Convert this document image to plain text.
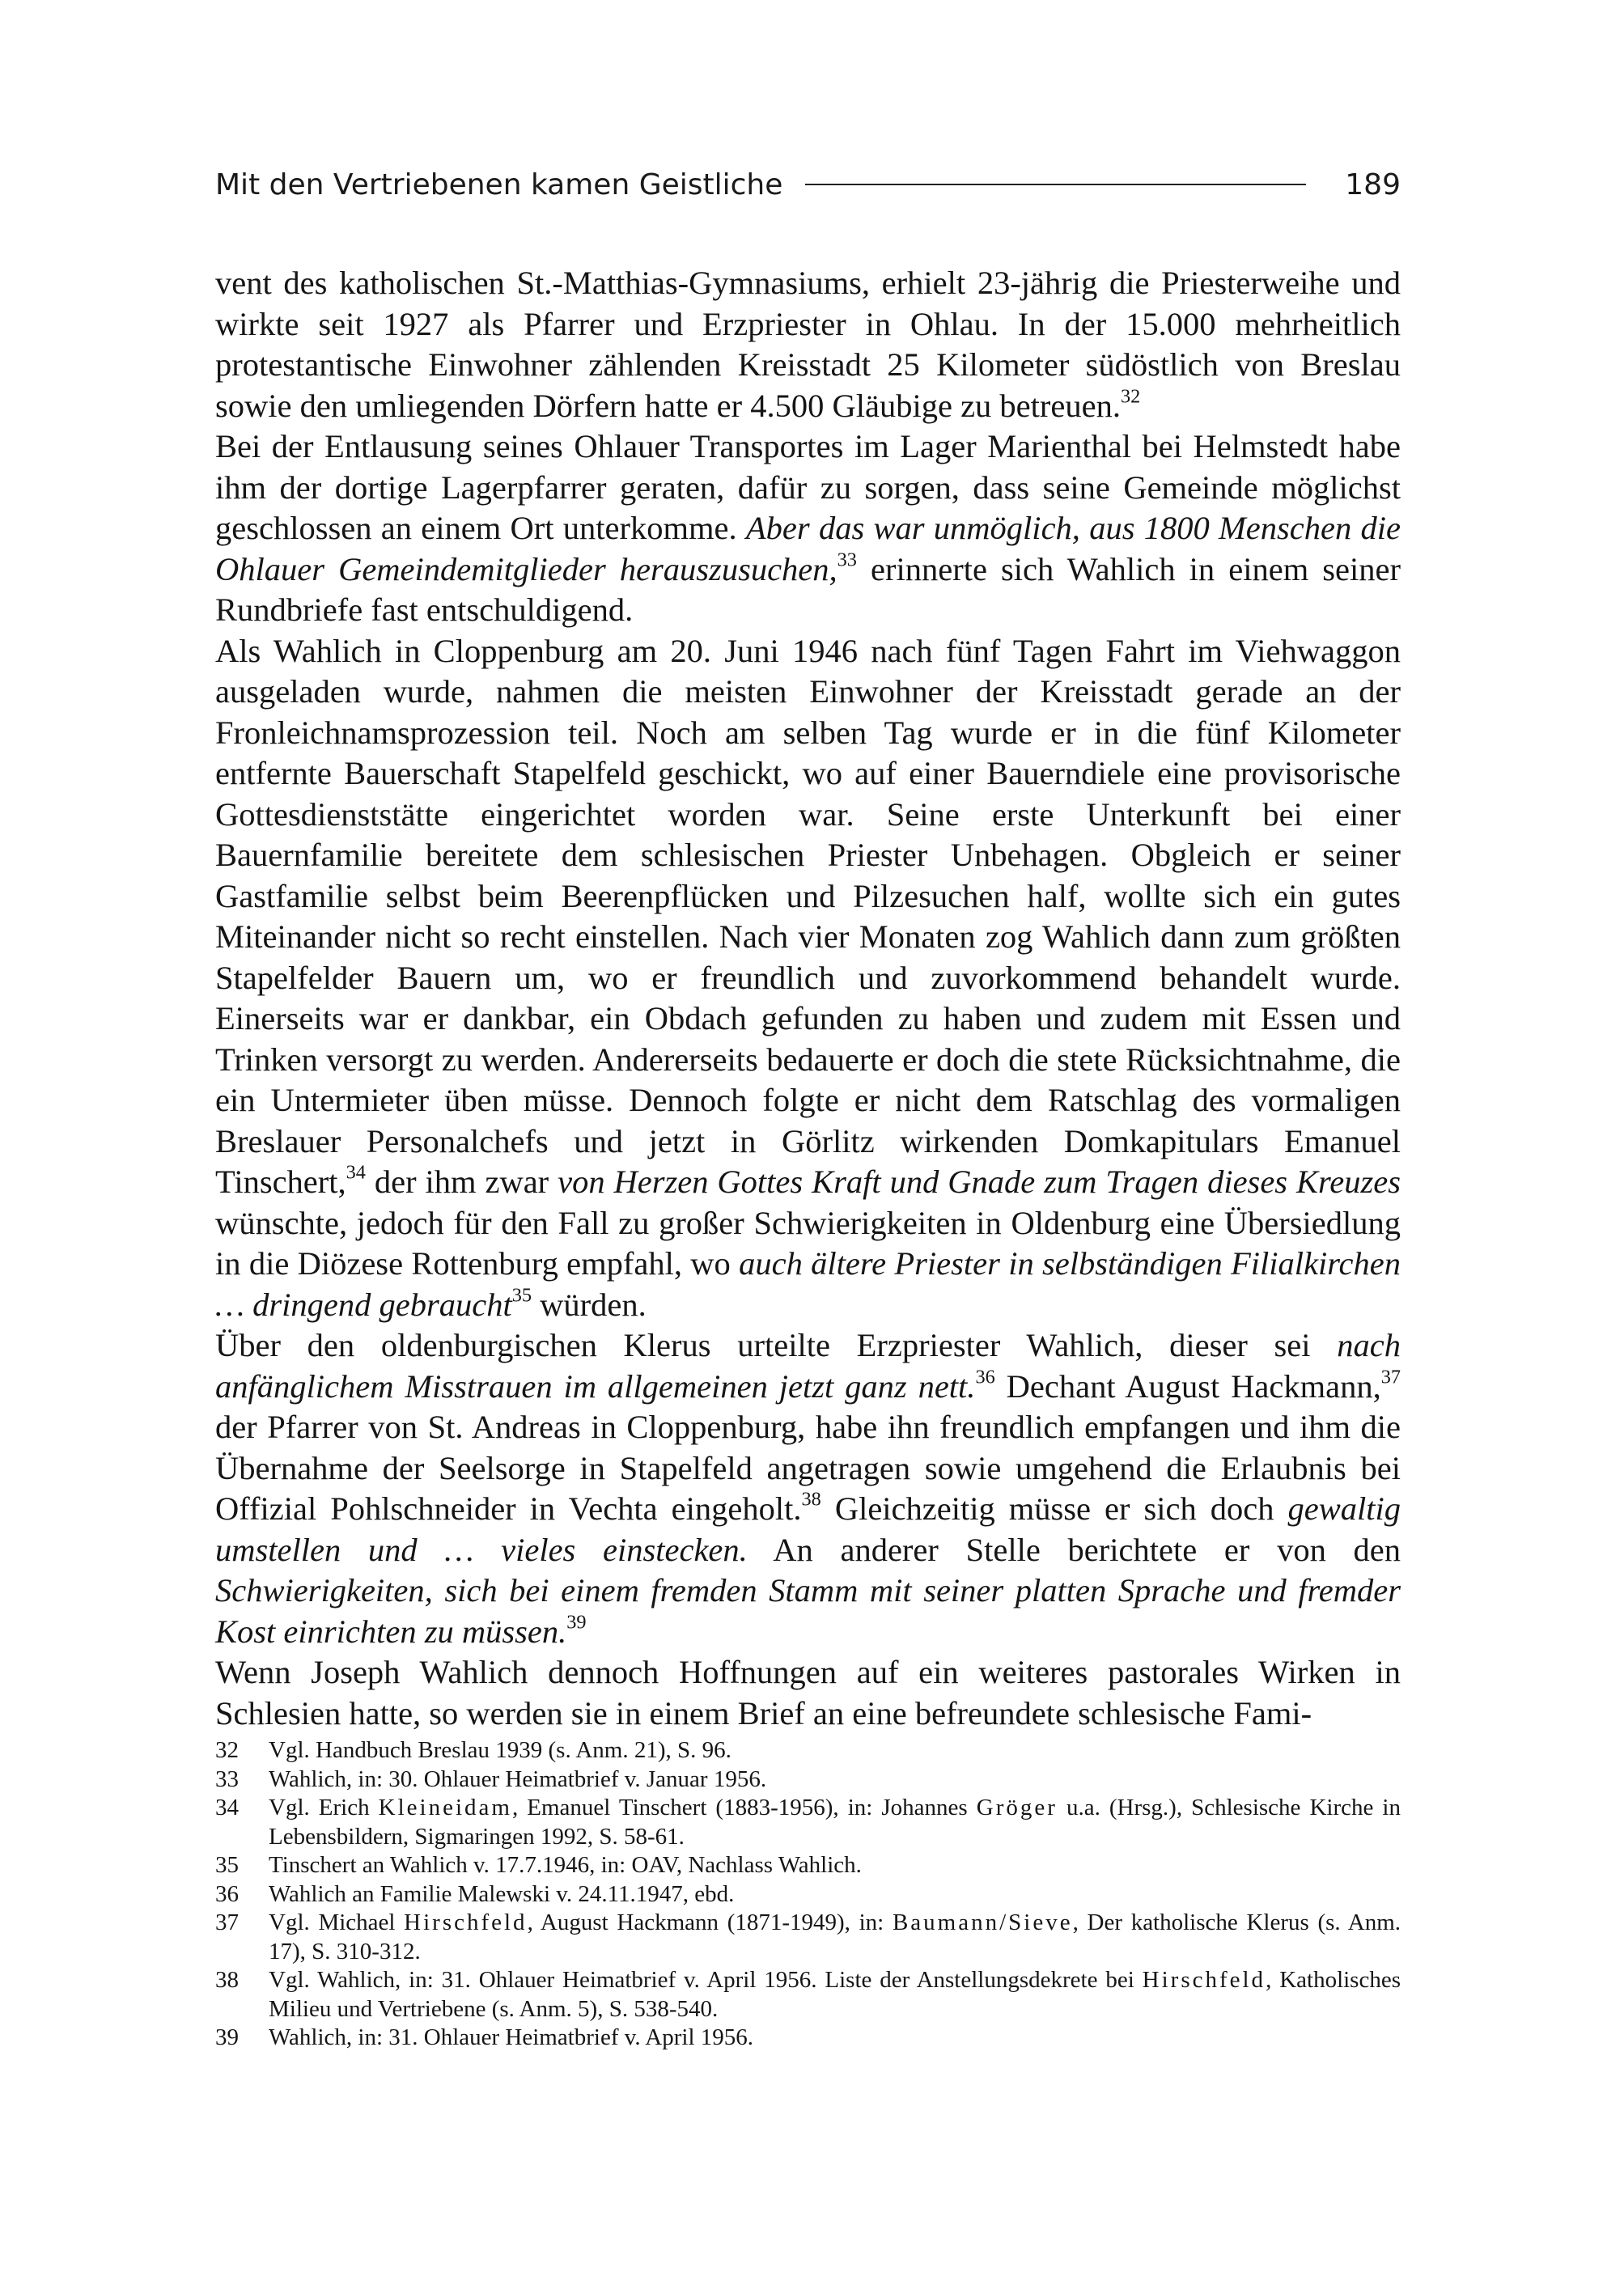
Mit den Vertriebenen kamen Geistliche	189

vent des katholischen St.-Matthias-Gymnasiums, erhielt 23-jährig die Priesterweihe und wirkte seit 1927 als Pfarrer und Erzpriester in Ohlau. In der 15.000 mehrheitlich protestantische Einwohner zählenden Kreisstadt 25 Kilometer südöstlich von Breslau sowie den umliegenden Dörfern hatte er 4.500 Gläubige zu betreuen.$^{32}$

Bei der Entlausung seines Ohlauer Transportes im Lager Marienthal bei Helmstedt habe ihm der dortige Lagerpfarrer geraten, dafür zu sorgen, dass seine Gemeinde möglichst geschlossen an einem Ort unterkomme. Aber das war unmöglich, aus 1800 Menschen die Ohlauer Gemeindemitglieder herauszusuchen,$^{33}$ erinnerte sich Wahlich in einem seiner Rundbriefe fast entschuldigend.

Als Wahlich in Cloppenburg am 20. Juni 1946 nach fünf Tagen Fahrt im Viehwaggon ausgeladen wurde, nahmen die meisten Einwohner der Kreisstadt gerade an der Fronleichnamsprozession teil. Noch am selben Tag wurde er in die fünf Kilometer entfernte Bauerschaft Stapelfeld geschickt, wo auf einer Bauerndiele eine provisorische Gottesdienststätte eingerichtet worden war. Seine erste Unterkunft bei einer Bauernfamilie bereitete dem schlesischen Priester Unbehagen. Obgleich er seiner Gastfamilie selbst beim Beerenpflücken und Pilzesuchen half, wollte sich ein gutes Miteinander nicht so recht einstellen. Nach vier Monaten zog Wahlich dann zum größten Stapelfelder Bauern um, wo er freundlich und zuvorkommend behandelt wurde. Einerseits war er dankbar, ein Obdach gefunden zu haben und zudem mit Essen und Trinken versorgt zu werden. Andererseits bedauerte er doch die stete Rücksichtnahme, die ein Untermieter üben müsse. Dennoch folgte er nicht dem Ratschlag des vormaligen Breslauer Personalchefs und jetzt in Görlitz wirkenden Domkapitulars Emanuel Tinschert,$^{34}$ der ihm zwar von Herzen Gottes Kraft und Gnade zum Tragen dieses Kreuzes wünschte, jedoch für den Fall zu großer Schwierigkeiten in Oldenburg eine Übersiedlung in die Diözese Rottenburg empfahl, wo auch ältere Priester in selbständigen Filialkirchen … dringend gebraucht$^{35}$ würden.

Über den oldenburgischen Klerus urteilte Erzpriester Wahlich, dieser sei nach anfänglichem Misstrauen im allgemeinen jetzt ganz nett.$^{36}$ Dechant August Hackmann,$^{37}$ der Pfarrer von St. Andreas in Cloppenburg, habe ihn freundlich empfangen und ihm die Übernahme der Seelsorge in Stapelfeld angetragen sowie umgehend die Erlaubnis bei Offizial Pohlschneider in Vechta eingeholt.$^{38}$ Gleichzeitig müsse er sich doch gewaltig umstellen und … vieles einstecken. An anderer Stelle berichtete er von den Schwierigkeiten, sich bei einem fremden Stamm mit seiner platten Sprache und fremder Kost einrichten zu müssen.$^{39}$

Wenn Joseph Wahlich dennoch Hoffnungen auf ein weiteres pastorales Wirken in Schlesien hatte, so werden sie in einem Brief an eine befreundete schlesische Fami-

32	Vgl. Handbuch Breslau 1939 (s. Anm. 21), S. 96.
33	Wahlich, in: 30. Ohlauer Heimatbrief v. Januar 1956.
34	Vgl. Erich Kleineidam, Emanuel Tinschert (1883-1956), in: Johannes Gröger u.a. (Hrsg.), Schlesische Kirche in Lebensbildern, Sigmaringen 1992, S. 58-61.
35	Tinschert an Wahlich v. 17.7.1946, in: OAV, Nachlass Wahlich.
36	Wahlich an Familie Malewski v. 24.11.1947, ebd.
37	Vgl. Michael Hirschfeld, August Hackmann (1871-1949), in: Baumann/Sieve, Der katholische Klerus (s. Anm. 17), S. 310-312.
38	Vgl. Wahlich, in: 31. Ohlauer Heimatbrief v. April 1956. Liste der Anstellungsdekrete bei Hirschfeld, Katholisches Milieu und Vertriebene (s. Anm. 5), S. 538-540.
39	Wahlich, in: 31. Ohlauer Heimatbrief v. April 1956.
